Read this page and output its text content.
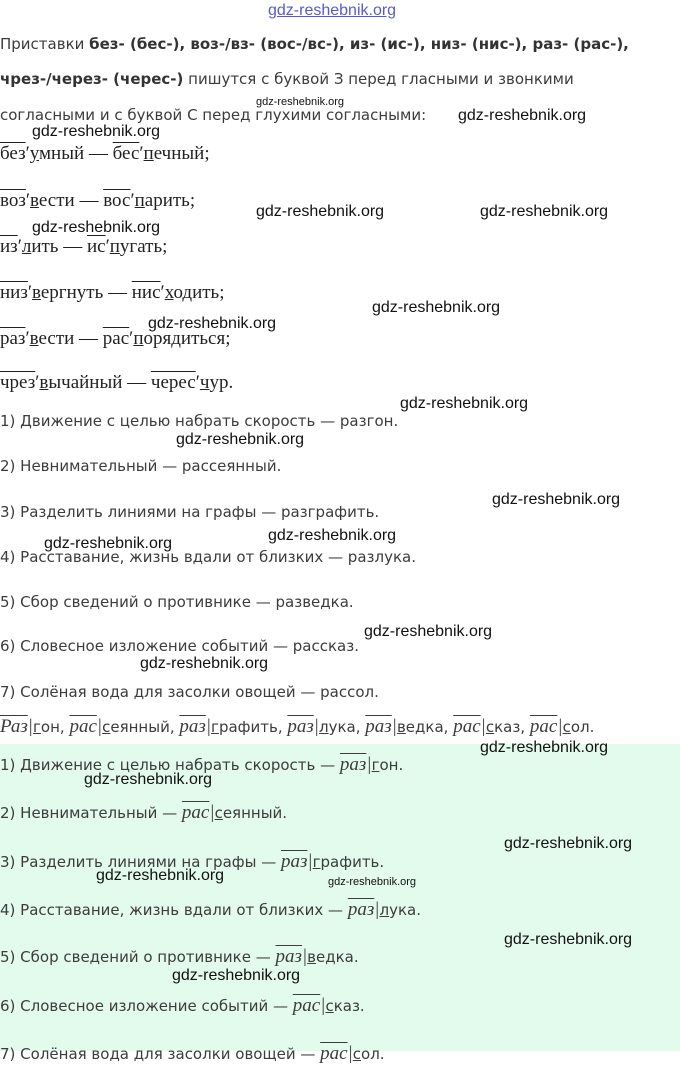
gdz-reshebnik.org
Приставки без- (бес-), воз-/вз- (вос-/вс-), из- (ис-), низ- (нис-), раз- (рас-),
чрез-/через- (черес-) пишутся с буквой З перед гласными и звонкими
согласными и с буквой С перед глухими согласными:
без′умный — бес′печный;
воз′вести — вос′парить;
из′лить — ис′пугать;
низ′вергнуть — нис′ходить;
раз′вести — рас′порядиться;
чрез′вычайный — черес′чур.
1) Движение с целью набрать скорость — разгон.
2) Невнимательный — рассеянный.
3) Разделить линиями на графы — разграфить.
4) Расставание, жизнь вдали от близких — разлука.
5) Сбор сведений о противнике — разведка.
6) Словесное изложение событий — рассказ.
7) Солёная вода для засолки овощей — рассол.
Раз|гон, рас|сеянный, раз|графить, раз|лука, раз|ведка, рас|сказ, рас|сол.
1) Движение с целью набрать скорость — раз|гон.
2) Невнимательный — рас|сеянный.
3) Разделить линиями на графы — раз|графить.
4) Расставание, жизнь вдали от близких — раз|лука.
5) Сбор сведений о противнике — раз|ведка.
6) Словесное изложение событий — рас|сказ.
7) Солёная вода для засолки овощей — рас|сол.
gdz-reshebnik.org
gdz-reshebnik.org
gdz-reshebnik.org
gdz-reshebnik.org	gdz-reshebnik.org
gdz-reshebnik.org
gdz-reshebnik.org
gdz-reshebnik.org
gdz-reshebnik.org
gdz-reshebnik.org
gdz-reshebnik.org
gdz-reshebnik.org
gdz-reshebnik.org
gdz-reshebnik.org
gdz-reshebnik.org
gdz-reshebnik.org
gdz-reshebnik.org
gdz-reshebnik.org
gdz-reshebnik.org	gdz-reshebnik.org
gdz-reshebnik.org
gdz-reshebnik.org
